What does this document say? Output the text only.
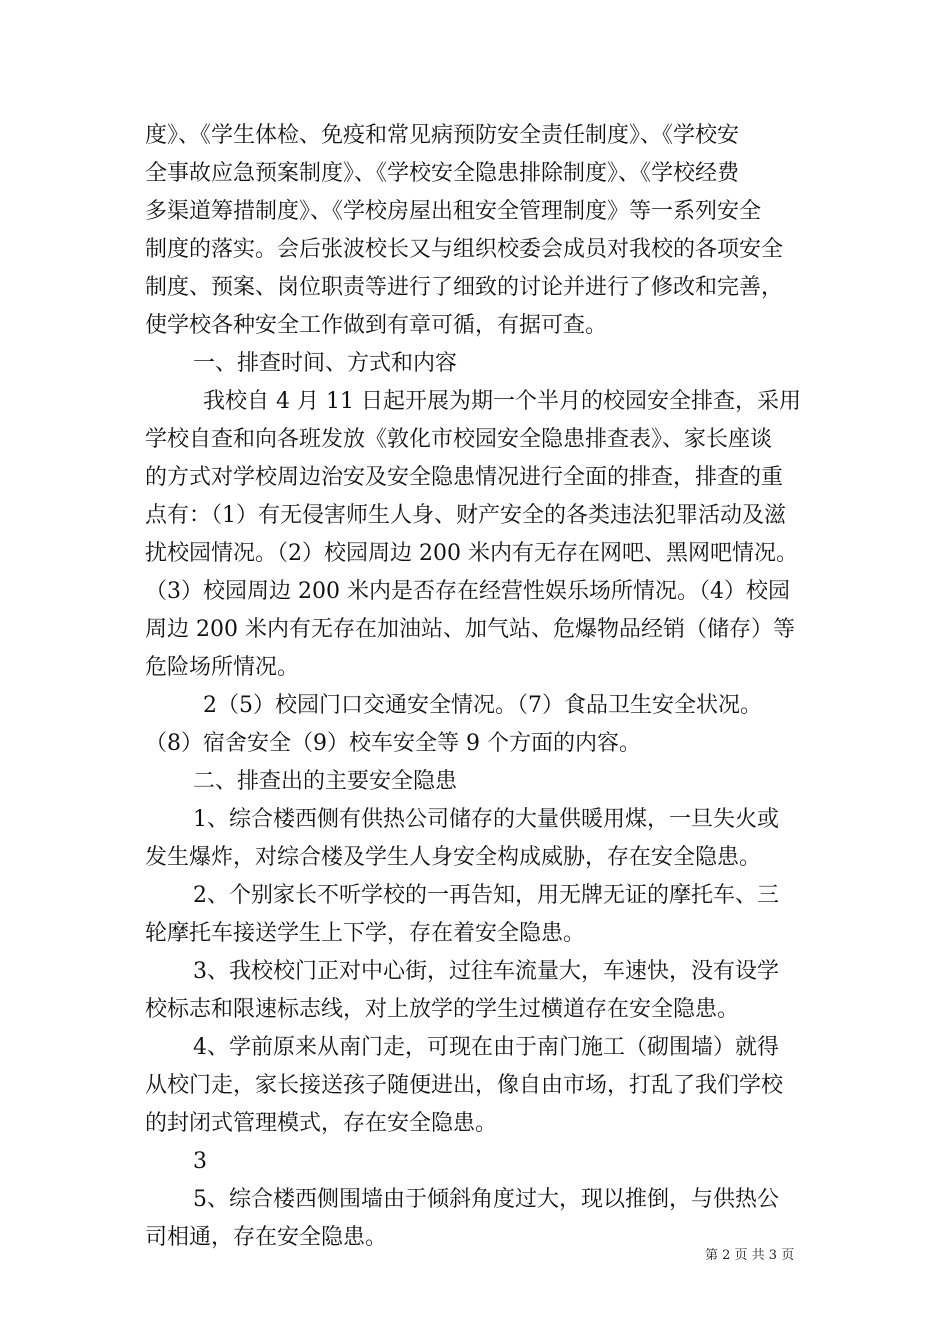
度》、《学生体检、免疫和常见病预防安全责任制度》、《学校安
全事故应急预案制度》、《学校安全隐患排除制度》、《学校经费
多渠道筹措制度》、《学校房屋出租安全管理制度》等一系列安全
制度的落实。会后张波校长又与组织校委会成员对我校的各项安全
制度、预案、岗位职责等进行了细致的讨论并进行了修改和完善，
使学校各种安全工作做到有章可循，有据可查。
一、排查时间、方式和内容
我校自 4 月 11 日起开展为期一个半月的校园安全排查，采用
学校自查和向各班发放《敦化市校园安全隐患排查表》、家长座谈
的方式对学校周边治安及安全隐患情况进行全面的排查，排查的重
点有：（1）有无侵害师生人身、财产安全的各类违法犯罪活动及滋
扰校园情况。（2）校园周边 200 米内有无存在网吧、黑网吧情况。
（3）校园周边 200 米内是否存在经营性娱乐场所情况。（4）校园
周边 200 米内有无存在加油站、加气站、危爆物品经销（储存）等
危险场所情况。
2（5）校园门口交通安全情况。（7）食品卫生安全状况。
（8）宿舍安全（9）校车安全等 9 个方面的内容。
二、排查出的主要安全隐患
1、综合楼西侧有供热公司储存的大量供暖用煤，一旦失火或
发生爆炸，对综合楼及学生人身安全构成威胁，存在安全隐患。
2、个别家长不听学校的一再告知，用无牌无证的摩托车、三
轮摩托车接送学生上下学，存在着安全隐患。
3、我校校门正对中心街，过往车流量大，车速快，没有设学
校标志和限速标志线，对上放学的学生过横道存在安全隐患。
4、学前原来从南门走，可现在由于南门施工（砌围墙）就得
从校门走，家长接送孩子随便进出，像自由市场，打乱了我们学校
的封闭式管理模式，存在安全隐患。
3
5、综合楼西侧围墙由于倾斜角度过大，现以推倒，与供热公
司相通，存在安全隐患。
第 2 页 共 3 页
